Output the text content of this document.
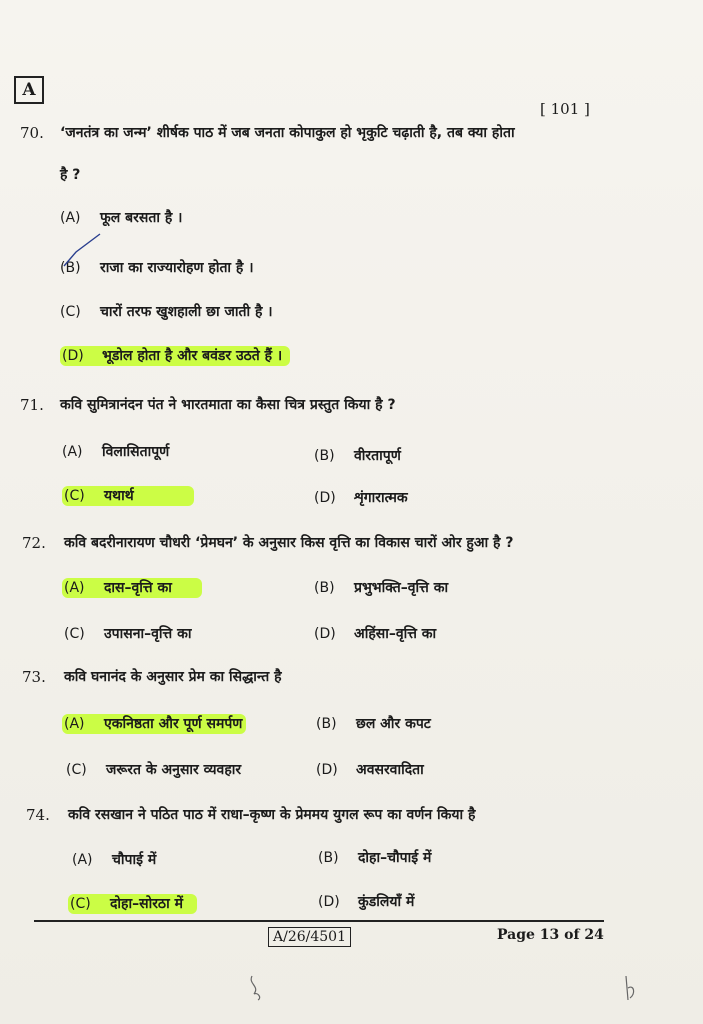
A
[ 101 ]
70. ‘जनतंत्र का जन्म’ शीर्षक पाठ में जब जनता कोपाकुल हो भृकुटि चढ़ाती है, तब क्या होता
है ?
(A) फूल बरसता है ।
(B) राजा का राज्यारोहण होता है ।
(C) चारों तरफ खुशहाली छा जाती है ।
(D) भूडोल होता है और बवंडर उठते हैं ।
71. कवि सुमित्रानंदन पंत ने भारतमाता का कैसा चित्र प्रस्तुत किया है ?
(A) विलासितापूर्ण	(B) वीरतापूर्ण
(C) यथार्थ	(D) शृंगारात्मक
72. कवि बदरीनारायण चौधरी ‘प्रेमघन’ के अनुसार किस वृत्ति का विकास चारों ओर हुआ है ?
(A) दास–वृत्ति का	(B) प्रभुभक्ति–वृत्ति का
(C) उपासना–वृत्ति का	(D) अहिंसा–वृत्ति का
73. कवि घनानंद के अनुसार प्रेम का सिद्धान्त है
(A) एकनिष्ठता और पूर्ण समर्पण	(B) छल और कपट
(C) जरूरत के अनुसार व्यवहार	(D) अवसरवादिता
74. कवि रसखान ने पठित पाठ में राधा–कृष्ण के प्रेममय युगल रूप का वर्णन किया है
(A) चौपाई में	(B) दोहा–चौपाई में
(C) दोहा–सोरठा में	(D) कुंडलियाँ में
A/26/4501	Page 13 of 24
